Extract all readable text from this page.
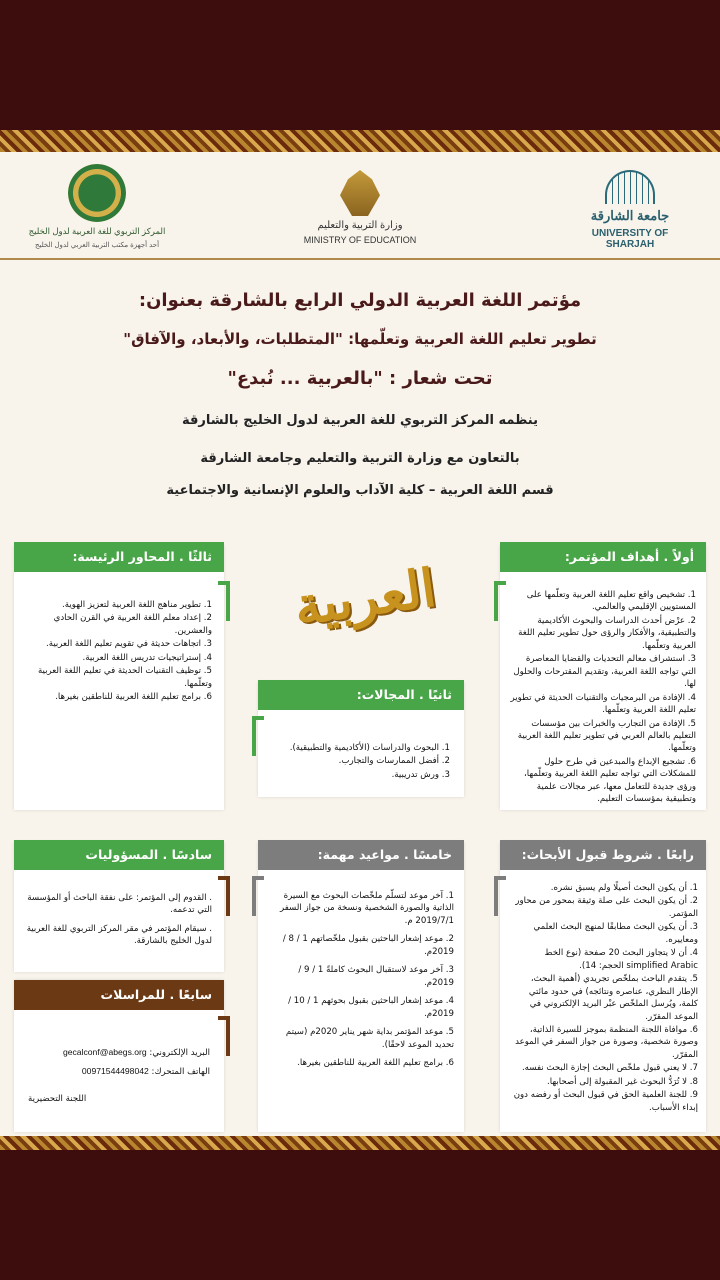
جامعة الشارقة
UNIVERSITY OF SHARJAH
وزارة التربية والتعليم
MINISTRY OF EDUCATION
المركز التربوي للغة العربية لدول الخليج
أحد أجهزة مكتب التربية العربي لدول الخليج
مؤتمر اللغة العربية الدولي الرابع بالشارقة بعنوان:
تطوير تعليم اللغة العربية وتعلّمها: "المتطلبات، والأبعاد، والآفاق"
تحت شعار : "بالعربية ... نُبدع"
ينظمه المركز التربوي للغة العربية لدول الخليج بالشارقة
بالتعاون مع وزارة التربية والتعليم وجامعة الشارقة
قسم اللغة العربية – كلية الآداب والعلوم الإنسانية والاجتماعية
العربية
أولاً . أهداف المؤتمر:
1. تشخيص واقع تعليم اللغة العربية وتعلّمها على المستويين الإقليمي والعالمي.
2. عرْض أحدث الدراسات والبحوث الأكاديمية والتطبيقية، والأفكار والرؤى حول تطوير تعليم اللغة العربية وتعلّمها.
3. استشراف معالم التحديات والقضايا المعاصرة التي تواجه اللغة العربية، وتقديم المقترحات والحلول لها.
4. الإفادة من البرمجيات والتقنيات الحديثة في تطوير تعليم اللغة العربية وتعلّمها.
5. الإفادة من التجارب والخبرات بين مؤسسات التعليم بالعالم العربي في تطوير تعليم اللغة العربية وتعلّمها.
6. تشجيع الإبداع والمبدعين في طرح حلول للمشكلات التي تواجه تعليم اللغة العربية وتعلّمها، ورؤى جديدة للتعامل معها، عبر مجالات علمية وتطبيقية بمؤسسات التعليم.
ثانيًا . المجالات:
1. البحوث والدراسات (الأكاديمية والتطبيقية).
2. أفضل الممارسات والتجارب.
3. ورش تدريبية.
ثالثًا . المحاور الرئيسة:
1. تطوير مناهج اللغة العربية لتعزيز الهوية.
2. إعداد معلم اللغة العربية في القرن الحادي والعشرين.
3. اتجاهات حديثة في تقويم تعليم اللغة العربية.
4. إستراتيجيات تدريس اللغة العربية.
5. توظيف التقنيات الحديثة في تعليم اللغة العربية وتعلّمها.
6. برامج تعليم اللغة العربية للناطقين بغيرها.
رابعًا . شروط قبول الأبحاث:
1. أن يكون البحث أصيلًا ولم يسبق نشره.
2. أن يكون البحث على صلة وثيقة بمحور من محاور المؤتمر.
3. أن يكون البحث مطابقًا لمنهج البحث العلمي ومعاييره.
4. أن لا يتجاوز البحث 20 صفحة (نوع الخط simplified Arabic الحجم: 14).
5. يتقدم الباحث بملخّص تجريدي (أهمية البحث، الإطار النظري، عناصره ونتائجه) في حدود مائتي كلمة، ويُرسل الملخّص عبْر البريد الإلكتروني في الموعد المقرّر.
6. موافاة اللجنة المنظمة بموجز للسيرة الذاتية، وصورة شخصية، وصورة من جواز السفر في الموعد المقرّر.
7. لا يعني قبول ملخّص البحث إجازة البحث نفسه.
8. لا تُرَدُّ البحوث غير المقبولة إلى أصحابها.
9. للجنة العلمية الحق في قبول البحث أو رفضه دون إبداء الأسباب.
خامسًا . مواعيد مهمة:
1. آخر موعد لتسلّم ملخّصات البحوث مع السيرة الذاتية والصورة الشخصية ونسخة من جواز السفر 2019/7/1 م.
2. موعد إشعار الباحثين بقبول ملخّصاتهم 1 / 8 / 2019م.
3. آخر موعد لاستقبال البحوث كاملةً 1 / 9 / 2019م.
4. موعد إشعار الباحثين بقبول بحوثهم 1 / 10 / 2019م.
5. موعد المؤتمر بداية شهر يناير 2020م (سيتم تحديد الموعد لاحقًا).
6. برامج تعليم اللغة العربية للناطقين بغيرها.
سادسًا . المسؤوليات والنفقات:
. القدوم إلى المؤتمر: على نفقة الباحث أو المؤسسة التي تدعمه.
. سيقام المؤتمر في مقر المركز التربوي للغة العربية لدول الخليج بالشارقة.
سابعًا . للمراسلات والاستفسار:
البريد الإلكتروني: gecalconf@abegs.org
الهاتف المتحرك: 00971544498042
اللجنة التحضيرية
